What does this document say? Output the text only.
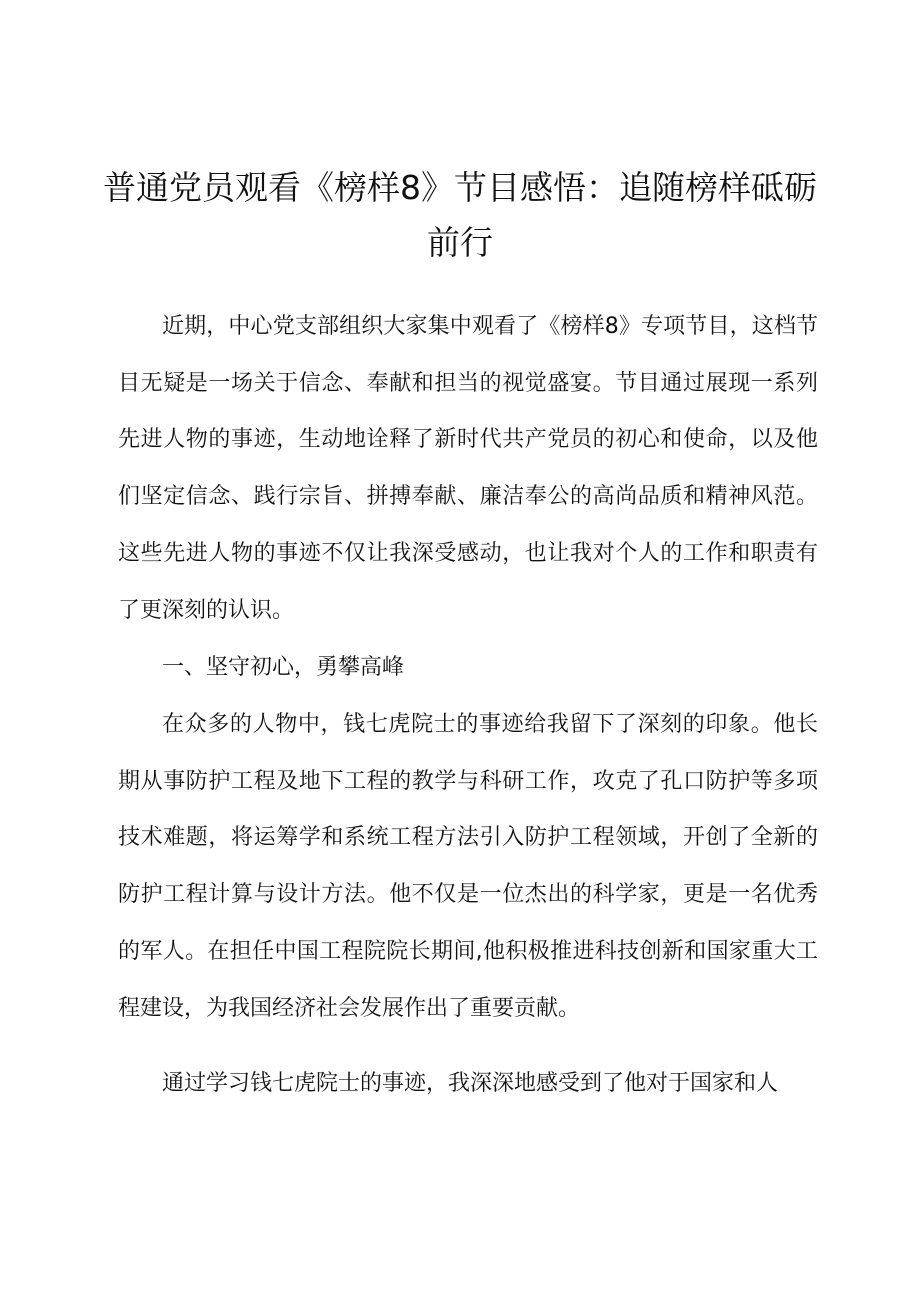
普通党员观看《榜样8》节目感悟：追随榜样砥砺前行

近期，中心党支部组织大家集中观看了《榜样8》专项节目，这档节目无疑是一场关于信念、奉献和担当的视觉盛宴。节目通过展现一系列先进人物的事迹，生动地诠释了新时代共产党员的初心和使命，以及他们坚定信念、践行宗旨、拼搏奉献、廉洁奉公的高尚品质和精神风范。这些先进人物的事迹不仅让我深受感动，也让我对个人的工作和职责有了更深刻的认识。

一、坚守初心，勇攀高峰

在众多的人物中，钱七虎院士的事迹给我留下了深刻的印象。他长期从事防护工程及地下工程的教学与科研工作，攻克了孔口防护等多项技术难题，将运筹学和系统工程方法引入防护工程领域，开创了全新的防护工程计算与设计方法。他不仅是一位杰出的科学家，更是一名优秀的军人。在担任中国工程院院长期间,他积极推进科技创新和国家重大工程建设，为我国经济社会发展作出了重要贡献。

通过学习钱七虎院士的事迹，我深深地感受到了他对于国家和人
